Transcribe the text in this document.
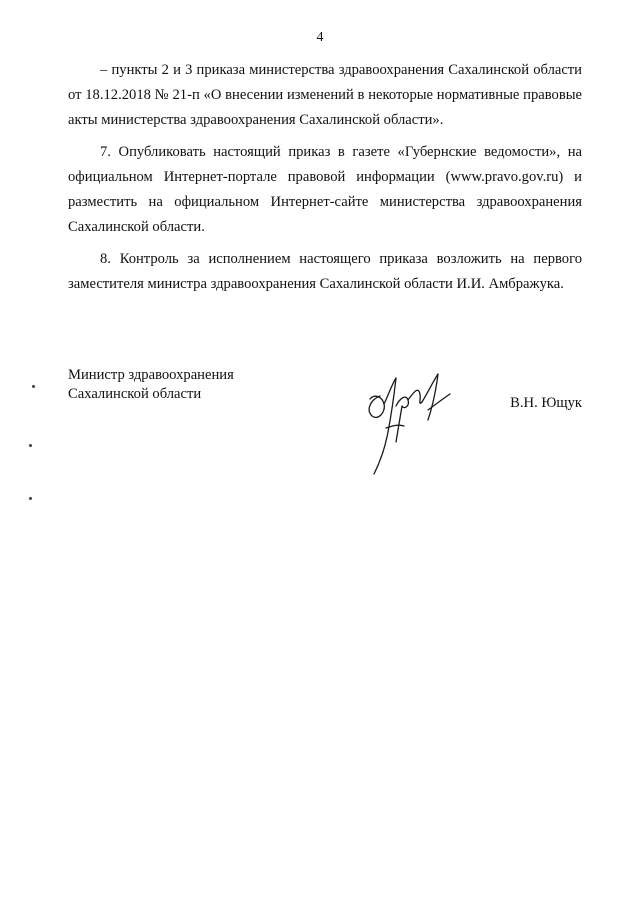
4

– пункты 2 и 3 приказа министерства здравоохранения Сахалинской области от 18.12.2018 № 21-п «О внесении изменений в некоторые нормативные правовые акты министерства здравоохранения Сахалинской области».

7. Опубликовать настоящий приказ в газете «Губернские ведомости», на официальном Интернет-портале правовой информации (www.pravo.gov.ru) и разместить на официальном Интернет-сайте министерства здравоохранения Сахалинской области.

8. Контроль за исполнением настоящего приказа возложить на первого заместителя министра здравоохранения Сахалинской области И.И. Амбражука.

Министр здравоохранения
Сахалинской области
В.Н. Ющук
